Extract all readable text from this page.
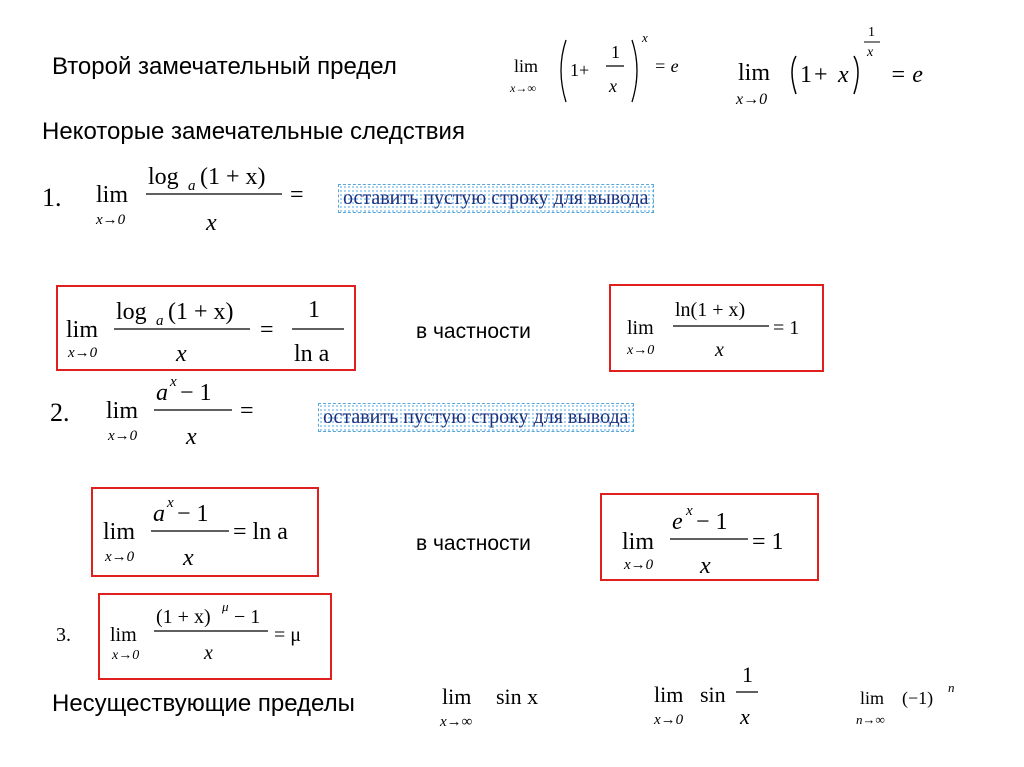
Второй замечательный предел	lim
x→∞
1+
1
x
x
= e lim
x→0
1 + x
1
x
= e
Некоторые замечательные следствия
1. lim
x→0
log a (1 + x)
x
= оставить пустую строку для вывода
lim
x→0
log a (1 + x)
x
=
1
ln a
в частности	lim
x→0
ln(1 + x)
x
= 1
2. lim
x→0
a x − 1
x
=	оставить пустую строку для вывода
lim
x→0
a x − 1
x
= ln a	в частности	lim
x→0
e x − 1
x
= 1
3. lim
x→0
(1 + x) μ − 1
x
= μ
Несуществующие пределы	lim
x→∞
sin x	lim
x→0
sin
1
x
lim
n→∞
(−1)
n
